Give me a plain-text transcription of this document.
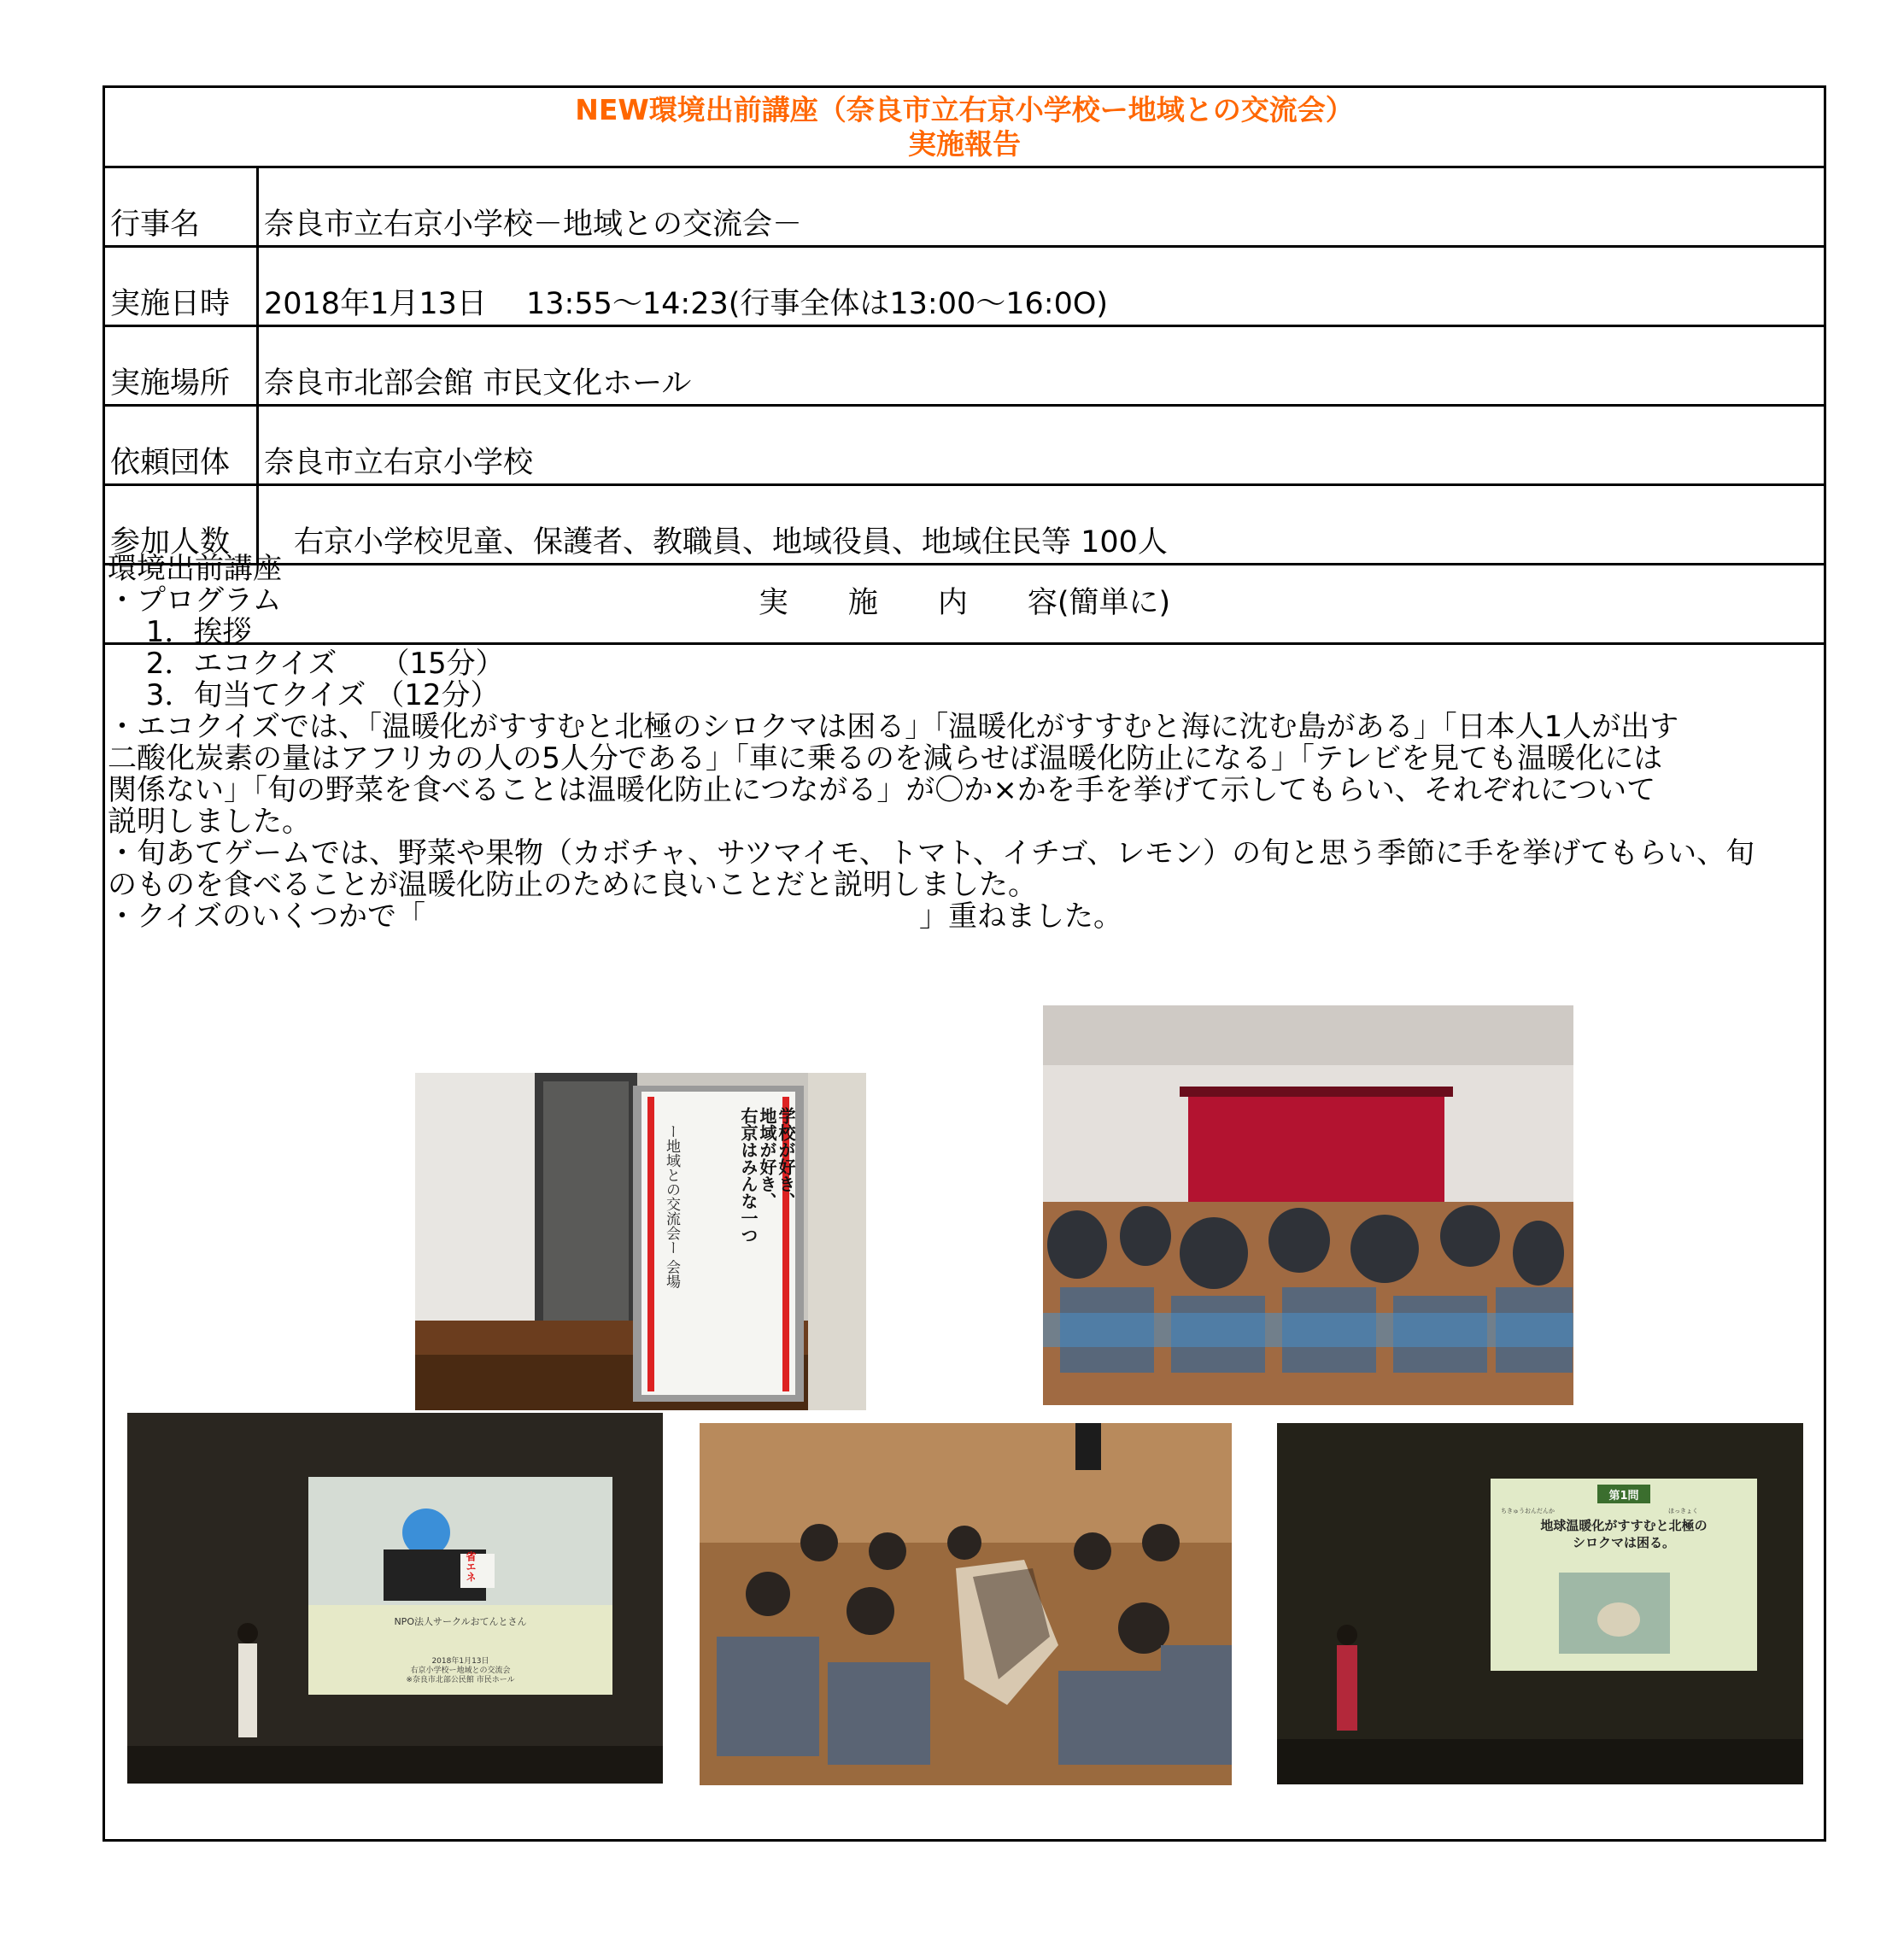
NEW環境出前講座（奈良市立右京小学校ー地域との交流会）
実施報告
行事名 奈良市立右京小学校－地域との交流会－
実施日時 2018年1月13日　 13:55～14:23(行事全体は13:00～16:0O)
実施場所 奈良市北部会館 市民文化ホール
依頼団体 奈良市立右京小学校
参加人数 　右京小学校児童、保護者、教職員、地域役員、地域住民等 100人
実　　施　　内　　容(簡単に)
環境出前講座
・プログラム
　 1．挨拶
　 2．エコクイズ　　（15分）
　 3．旬当てクイズ （12分）
・エコクイズでは、「温暖化がすすむと北極のシロクマは困る」「温暖化がすすむと海に沈む島がある」「日本人1人が出す
二酸化炭素の量はアフリカの人の5人分である」「車に乗るのを減らせば温暖化防止になる」「テレビを見ても温暖化には
関係ない」「旬の野菜を食べることは温暖化防止につながる」が〇か×かを手を挙げて示してもらい、それぞれについて
説明しました。
・旬あてゲームでは、野菜や果物（カボチャ、サツマイモ、トマト、イチゴ、レモン）の旬と思う季節に手を挙げてもらい、旬
のものを食べることが温暖化防止のために良いことだと説明しました。
・クイズのいくつかで「　　　　　　　　　　　　　　　　　」重ねました。
学校が好き、
地域が好き、
右京はみんな一つ
ー地域との交流会ー 会場
省エネ
NPO法人サークルおてんとさん
2018年1月13日
右京小学校ー地域との交流会
※奈良市北部公民館 市民ホール
第1問
ちきゅうおんだんか	ほっきょく
地球温暖化がすすむと北極の
シロクマは困る。
